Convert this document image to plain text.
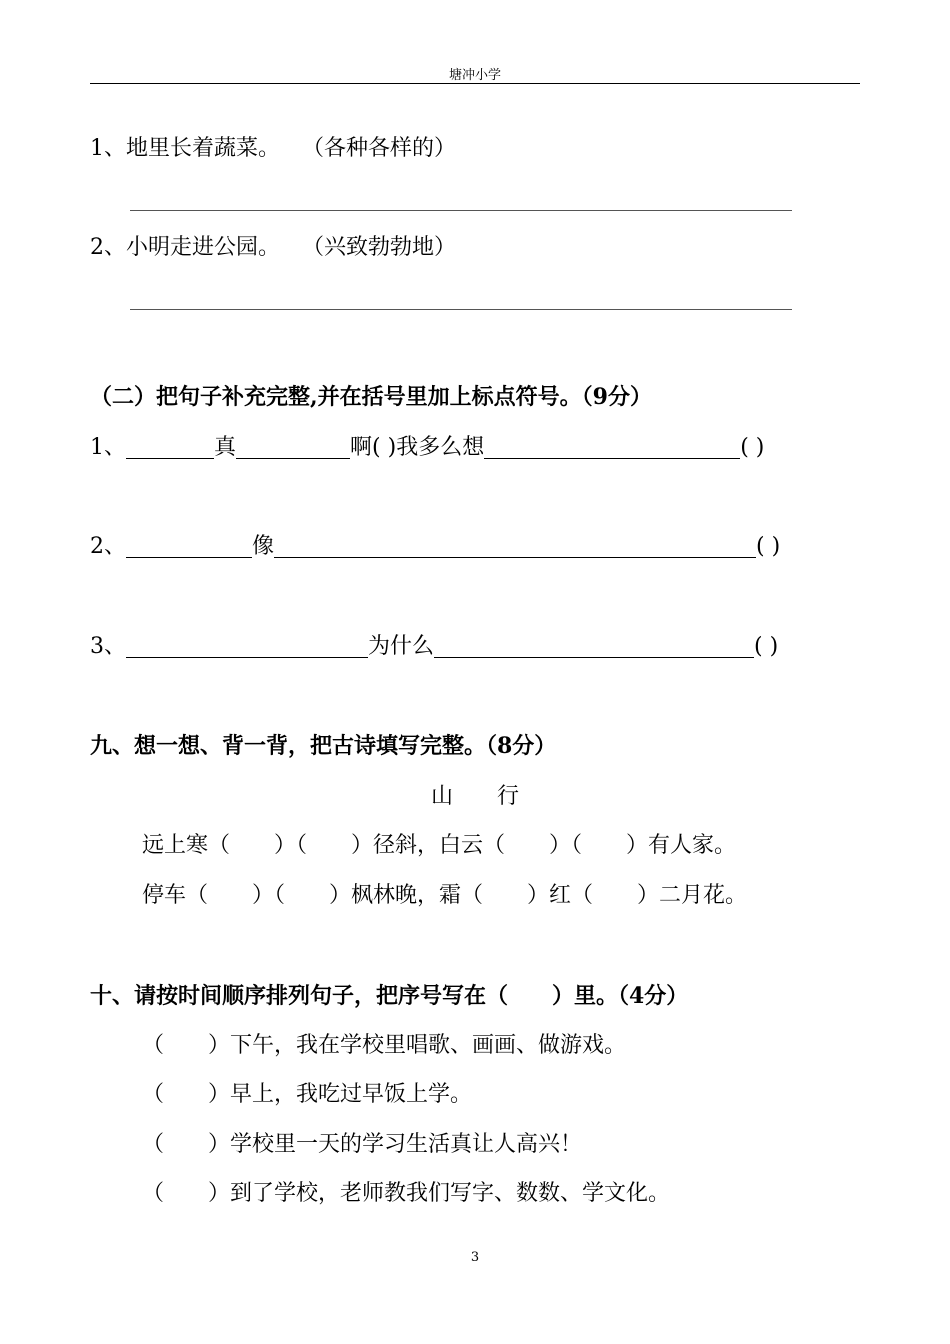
塘冲小学
1、地里长着蔬菜。 （各种各样的）
2、小明走进公园。 （兴致勃勃地）
（二）把句子补充完整,并在括号里加上标点符号。（9分）
1、	真	啊( )我多么想	( )
2、	像	( )
3、	为什么	( )
九、想一想、背一背，把古诗填写完整。（8分）
山　　行
远上寒（　　）（　　）径斜，白云（　　）（　　）有人家。
停车（　　）（　　）枫林晚，霜（　　）红（　　）二月花。
十、请按时间顺序排列句子，把序号写在（　　）里。（4分）
（　　）下午，我在学校里唱歌、画画、做游戏。
（　　）早上，我吃过早饭上学。
（　　）学校里一天的学习生活真让人高兴！
（　　）到了学校，老师教我们写字、数数、学文化。
3
